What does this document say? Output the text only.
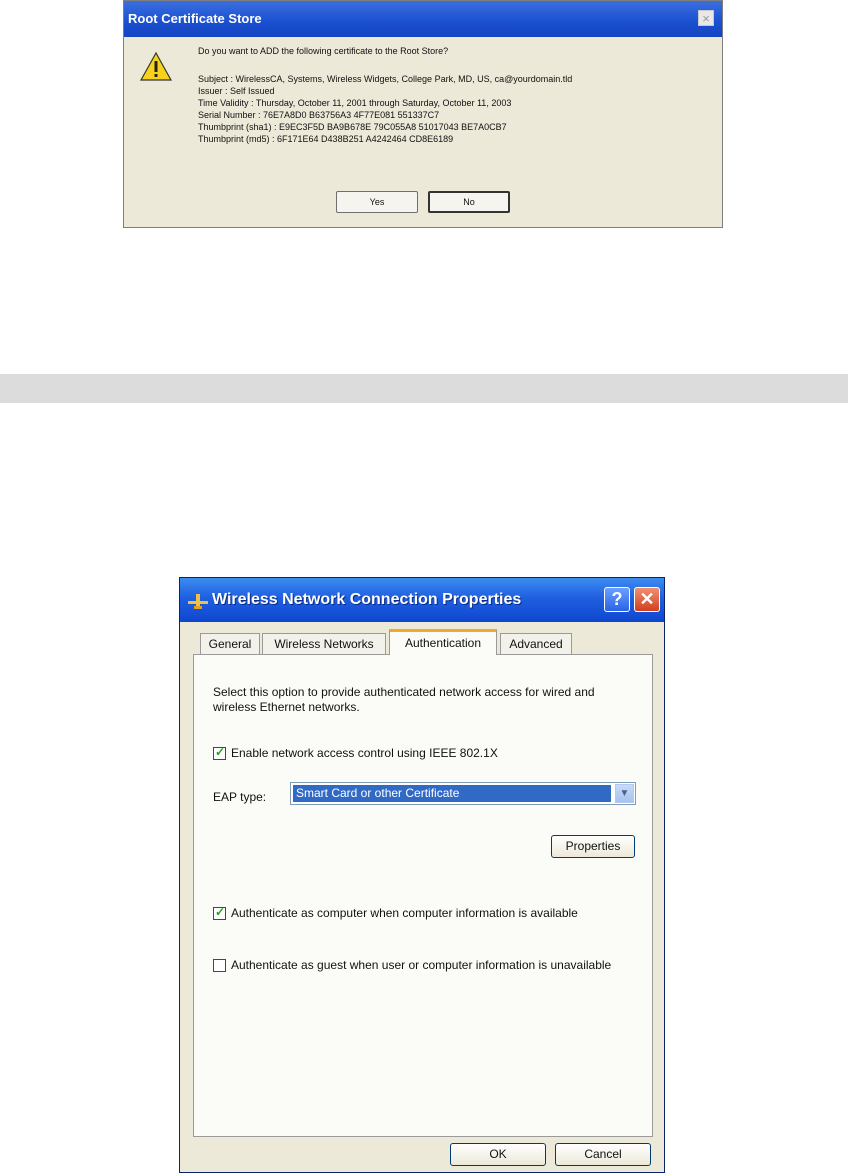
Root Certificate Store	×
Do you want to ADD the following certificate to the Root Store?
Subject : WirelessCA, Systems, Wireless Widgets, College Park, MD, US, ca@yourdomain.tld
Issuer : Self Issued
Time Validity : Thursday, October 11, 2001 through Saturday, October 11, 2003
Serial Number : 76E7A8D0 B63756A3 4F77E081 551337C7
Thumbprint (sha1) : E9EC3F5D BA9B678E 79C055A8 51017043 BE7A0CB7
Thumbprint (md5) : 6F171E64 D438B251 A4242464 CD8E6189
Yes	No
Wireless Network Connection Properties	? ✕
General	Wireless Networks	Authentication	Advanced
Select this option to provide authenticated network access for wired and wireless Ethernet networks.
✓ Enable network access control using IEEE 802.1X
EAP type: Smart Card or other Certificate	▼
Properties
✓ Authenticate as computer when computer information is available
Authenticate as guest when user or computer information is unavailable
OK	Cancel
